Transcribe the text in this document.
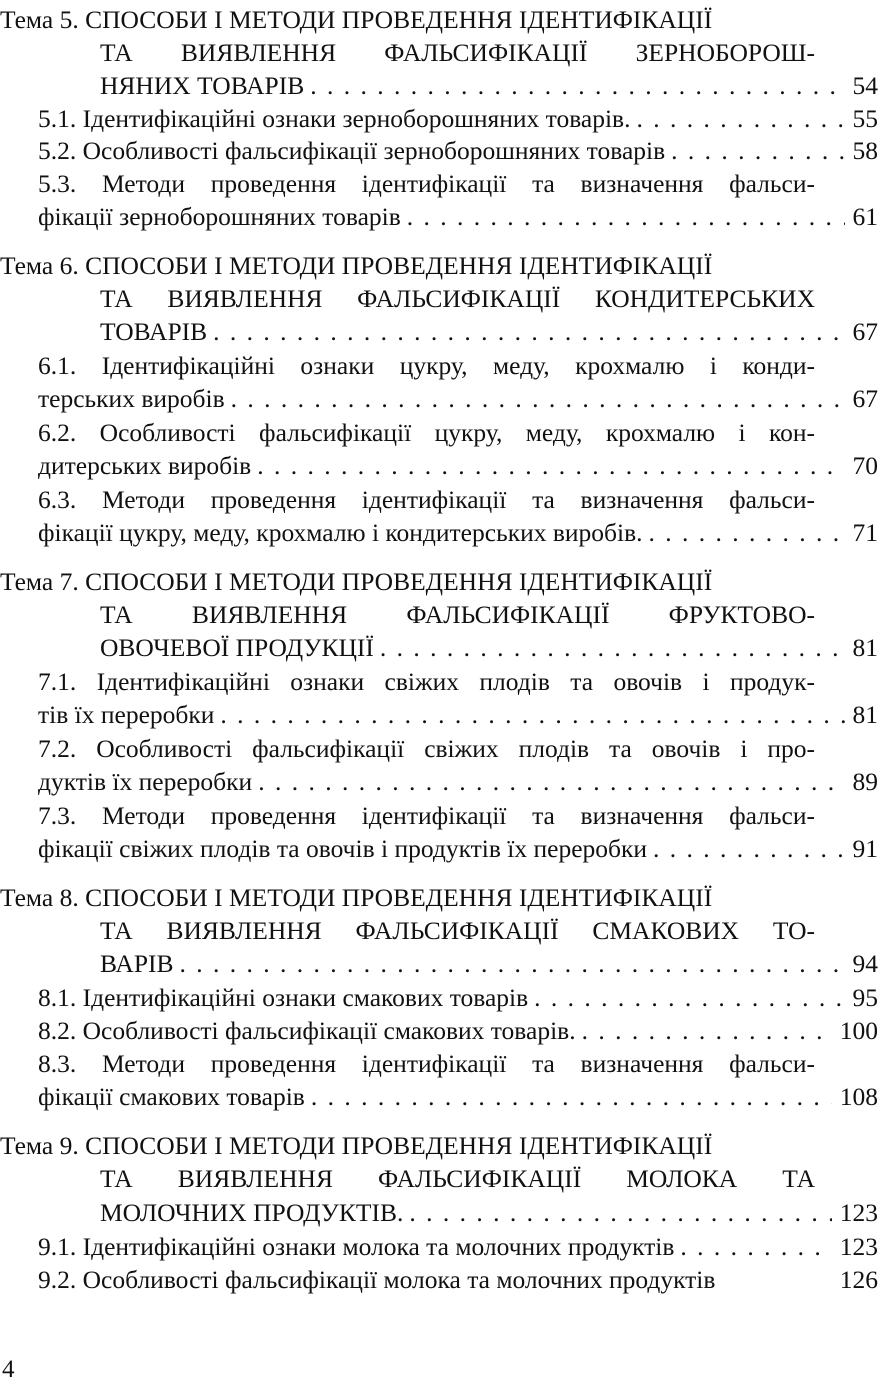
Тема 5. СПОСОБИ І МЕТОДИ ПРОВЕДЕННЯ ІДЕНТИФІКАЦІЇ
ТА ВИЯВЛЕННЯ ФАЛЬСИФІКАЦІЇ ЗЕРНОБОРОШ-
НЯНИХ ТОВАРІВ . . .	54
5.1. Ідентифікаційні ознаки зерноборошняних товарів. . . .	55
5.2. Особливості фальсифікації зерноборошняних товарів . . .	58
5.3. Методи проведення ідентифікації та визначення фальси-
фікації зерноборошняних товарів . . .	61
Тема 6. СПОСОБИ І МЕТОДИ ПРОВЕДЕННЯ ІДЕНТИФІКАЦІЇ
ТА ВИЯВЛЕННЯ ФАЛЬСИФІКАЦІЇ КОНДИТЕРСЬКИХ
ТОВАРІВ . . .	67
6.1. Ідентифікаційні ознаки цукру, меду, крохмалю і конди-
терських виробів . . .	67
6.2. Особливості фальсифікації цукру, меду, крохмалю і кон-
дитерських виробів . . .	70
6.3. Методи проведення ідентифікації та визначення фальси-
фікації цукру, меду, крохмалю і кондитерських виробів. . . .	71
Тема 7. СПОСОБИ І МЕТОДИ ПРОВЕДЕННЯ ІДЕНТИФІКАЦІЇ
ТА ВИЯВЛЕННЯ ФАЛЬСИФІКАЦІЇ ФРУКТОВО-
ОВОЧЕВОЇ ПРОДУКЦІЇ . . .	81
7.1. Ідентифікаційні ознаки свіжих плодів та овочів і продук-
тів їх переробки . . .	81
7.2. Особливості фальсифікації свіжих плодів та овочів і про-
дуктів їх переробки . . .	89
7.3. Методи проведення ідентифікації та визначення фальси-
фікації свіжих плодів та овочів і продуктів їх переробки . . .	91
Тема 8. СПОСОБИ І МЕТОДИ ПРОВЕДЕННЯ ІДЕНТИФІКАЦІЇ
ТА ВИЯВЛЕННЯ ФАЛЬСИФІКАЦІЇ СМАКОВИХ ТО-
ВАРІВ . . .	94
8.1. Ідентифікаційні ознаки смакових товарів . . .	95
8.2. Особливості фальсифікації смакових товарів. . . .	100
8.3. Методи проведення ідентифікації та визначення фальси-
фікації смакових товарів . . .	108
Тема 9. СПОСОБИ І МЕТОДИ ПРОВЕДЕННЯ ІДЕНТИФІКАЦІЇ
ТА ВИЯВЛЕННЯ ФАЛЬСИФІКАЦІЇ МОЛОКА ТА
МОЛОЧНИХ ПРОДУКТІВ. . . .	123
9.1. Ідентифікаційні ознаки молока та молочних продуктів . . .	123
9.2. Особливості фальсифікації молока та молочних продуктів	126
4
